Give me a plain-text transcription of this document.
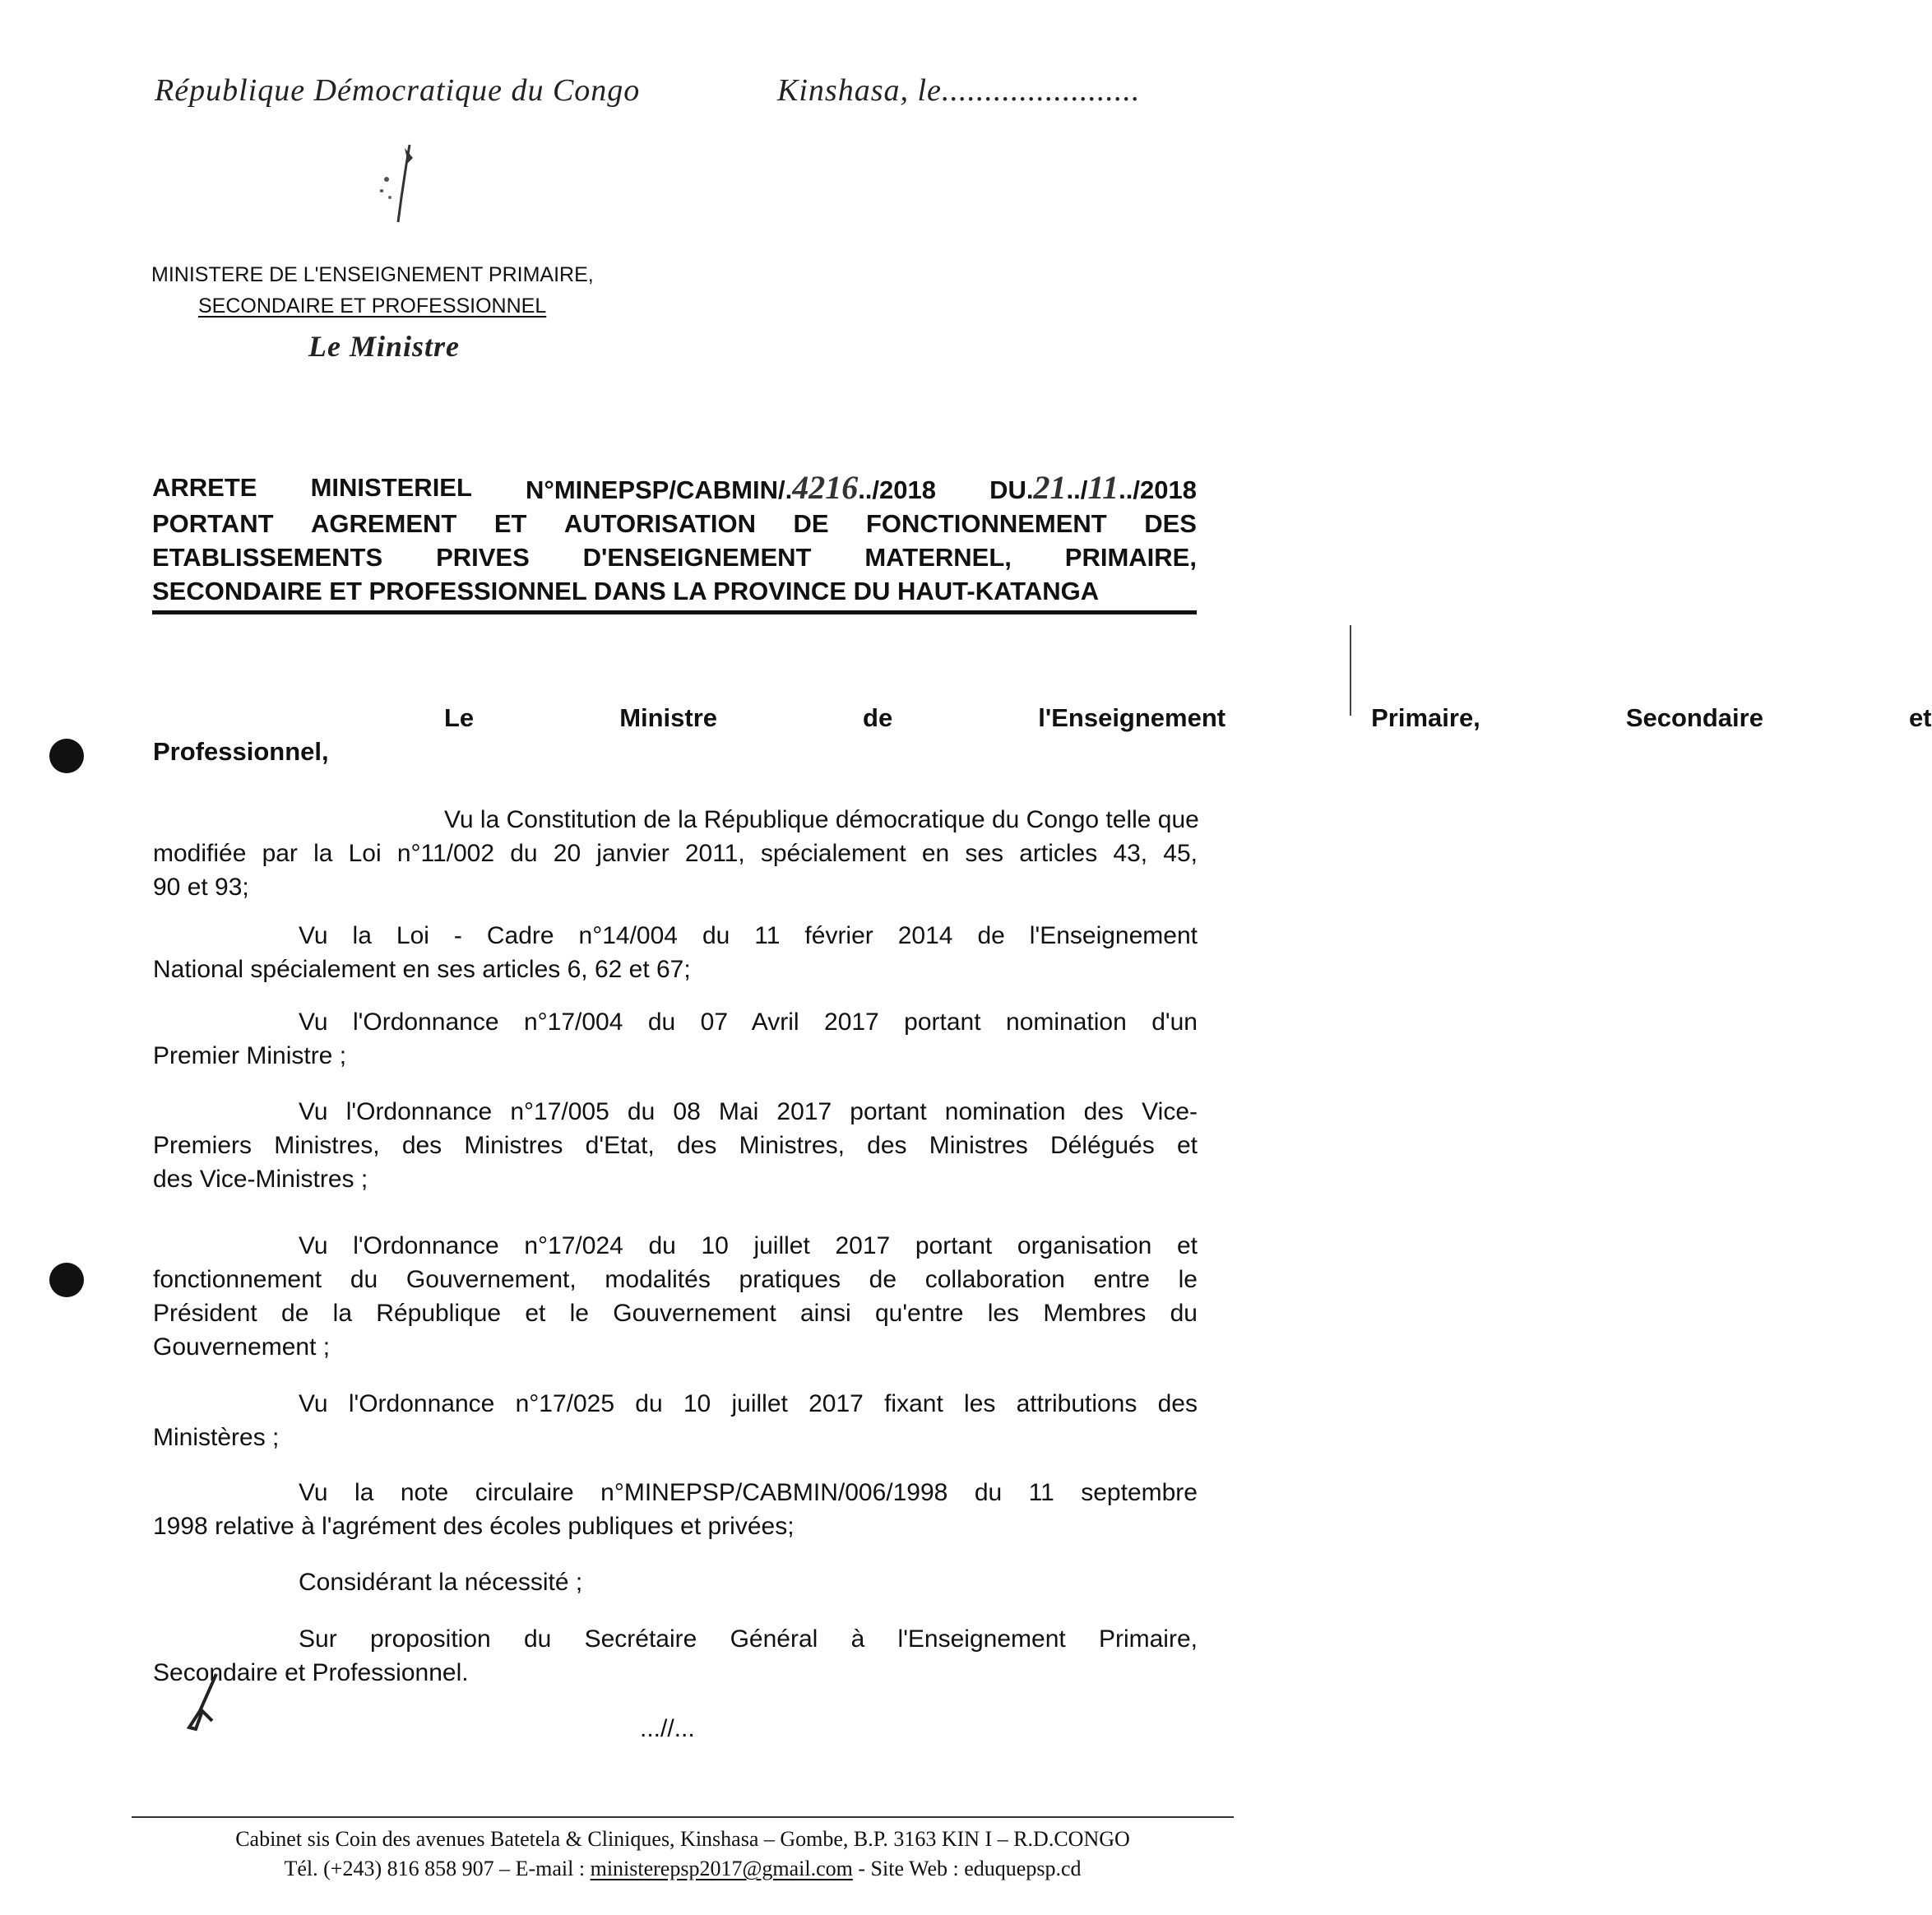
République Démocratique du Congo	Kinshasa, le.......................
MINISTERE DE L'ENSEIGNEMENT PRIMAIRE,
SECONDAIRE ET PROFESSIONNEL
Le Ministre
ARRETE MINISTERIEL N°MINEPSP/CABMIN/.4216../2018 DU.21../11../2018
PORTANT AGREMENT ET AUTORISATION DE FONCTIONNEMENT DES
ETABLISSEMENTS PRIVES D'ENSEIGNEMENT MATERNEL, PRIMAIRE,
SECONDAIRE ET PROFESSIONNEL DANS LA PROVINCE DU HAUT-KATANGA
Le	Ministre	de	l'Enseignement	Primaire,	Secondaire	et
Professionnel,
Vu la Constitution de la République démocratique du Congo telle que
modifiée par la Loi n°11/002 du 20 janvier 2011, spécialement en ses articles 43, 45,
90 et 93;
Vu la Loi - Cadre n°14/004 du 11 février 2014 de l'Enseignement
National spécialement en ses articles 6, 62 et 67;
Vu l'Ordonnance n°17/004 du 07 Avril 2017 portant nomination d'un
Premier Ministre ;
Vu l'Ordonnance n°17/005 du 08 Mai 2017 portant nomination des Vice-
Premiers Ministres, des Ministres d'Etat, des Ministres, des Ministres Délégués et
des Vice-Ministres ;
Vu l'Ordonnance n°17/024 du 10 juillet 2017 portant organisation et
fonctionnement du Gouvernement, modalités pratiques de collaboration entre le
Président de la République et le Gouvernement ainsi qu'entre les Membres du
Gouvernement ;
Vu l'Ordonnance n°17/025 du 10 juillet 2017 fixant les attributions des
Ministères ;
Vu la note circulaire n°MINEPSP/CABMIN/006/1998 du 11 septembre
1998 relative à l'agrément des écoles publiques et privées;
Considérant la nécessité ;
Sur proposition du Secrétaire Général à l'Enseignement Primaire,
Secondaire et Professionnel.
...//...
Cabinet sis Coin des avenues Batetela & Cliniques, Kinshasa – Gombe, B.P. 3163 KIN I – R.D.CONGO
Tél. (+243) 816 858 907 – E-mail : ministerepsp2017@gmail.com - Site Web : eduquepsp.cd
